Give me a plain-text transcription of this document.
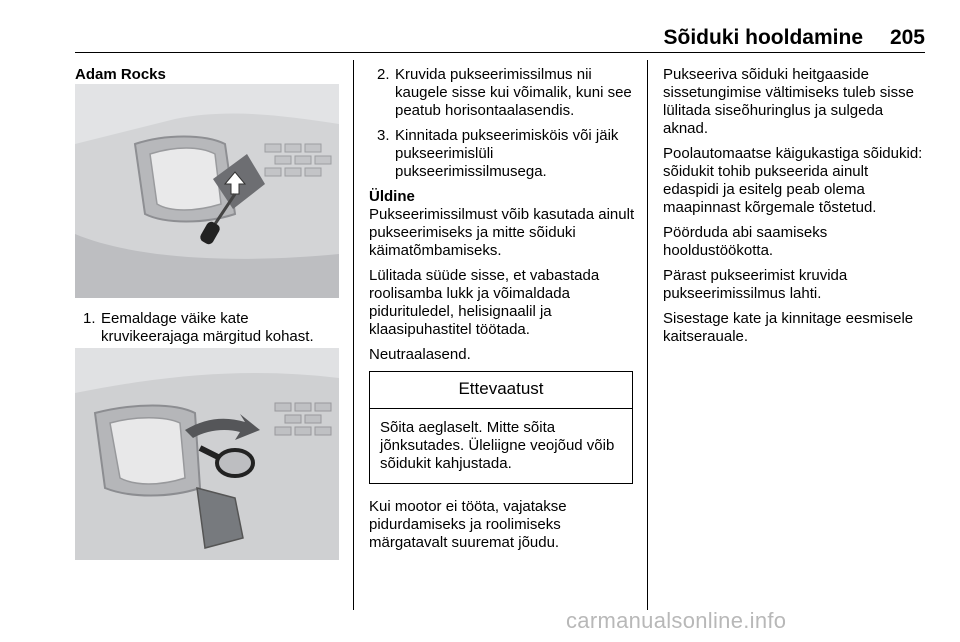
Sõiduki hooldamine 205

Adam Rocks

1. Eemaldage väike kate kruvikeerajaga märgitud kohast.
2. Kruvida pukseerimissilmus nii kaugele sisse kui võimalik, kuni see peatub horisontaalasendis.
3. Kinnitada pukseerimisköis või jäik pukseerimislüli pukseerimissilmusega.
Üldine

Pukseerimissilmust võib kasutada ainult pukseerimiseks ja mitte sõiduki käimatõmbamiseks.

Lülitada süüde sisse, et vabastada roolisamba lukk ja võimaldada pidurituledel, helisignaalil ja klaasipuhastitel töötada.

Neutraalasend.

Ettevaatust
Sõita aeglaselt. Mitte sõita jõnksutades. Üleliigne veojõud võib sõidukit kahjustada.

Kui mootor ei tööta, vajatakse pidurdamiseks ja roolimiseks märgatavalt suuremat jõudu.

Pukseeriva sõiduki heitgaaside sissetungimise vältimiseks tuleb sisse lülitada siseõhuringlus ja sulgeda aknad.

Poolautomaatse käigukastiga sõidukid: sõidukit tohib pukseerida ainult edaspidi ja esitelg peab olema maapinnast kõrgemale tõstetud.

Pöörduda abi saamiseks hooldustöökotta.

Pärast pukseerimist kruvida pukseerimissilmus lahti.

Sisestage kate ja kinnitage eesmisele kaitserauale.

carmanualsonline.info
